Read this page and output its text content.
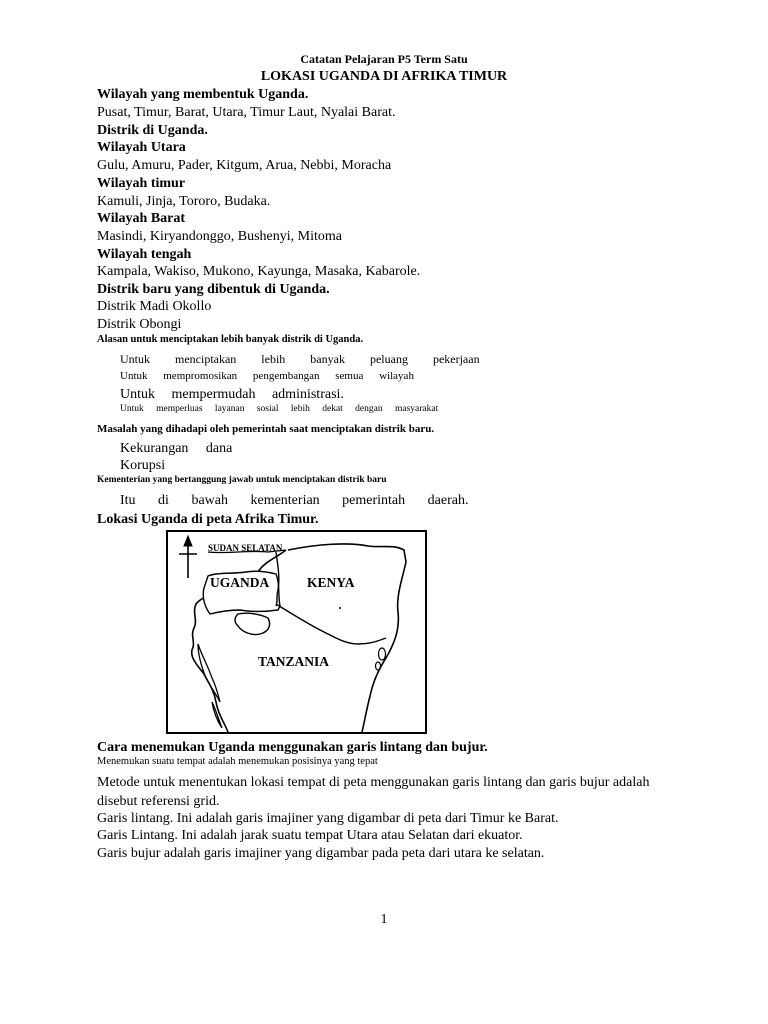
Catatan Pelajaran P5 Term Satu
LOKASI UGANDA DI AFRIKA TIMUR
Wilayah yang membentuk Uganda.
Pusat, Timur, Barat, Utara, Timur Laut, Nyalai Barat.
Distrik di Uganda.
Wilayah Utara
Gulu, Amuru, Pader, Kitgum, Arua, Nebbi, Moracha
Wilayah timur
Kamuli, Jinja, Tororo, Budaka.
Wilayah Barat
Masindi, Kiryandonggo, Bushenyi, Mitoma
Wilayah tengah
Kampala, Wakiso, Mukono, Kayunga, Masaka, Kabarole.
Distrik baru yang dibentuk di Uganda.
Distrik Madi Okollo
Distrik Obongi
Alasan untuk menciptakan lebih banyak distrik di Uganda.
Untuk menciptakan lebih banyak peluang pekerjaan
Untuk mempromosikan pengembangan semua wilayah
Untuk mempermudah administrasi.
Untuk memperluas layanan sosial lebih dekat dengan masyarakat
Masalah yang dihadapi oleh pemerintah saat menciptakan distrik baru.
Kekurangan dana
Korupsi
Kementerian yang bertanggung jawab untuk menciptakan distrik baru
Itu di bawah kementerian pemerintah daerah.
Lokasi Uganda di peta Afrika Timur.
SUDAN SELATAN
UGANDA	KENYA
TANZANIA
Cara menemukan Uganda menggunakan garis lintang dan bujur.
Menemukan suatu tempat adalah menemukan posisinya yang tepat
Metode untuk menentukan lokasi tempat di peta menggunakan garis lintang dan garis bujur adalah
disebut referensi grid.
Garis lintang. Ini adalah garis imajiner yang digambar di peta dari Timur ke Barat.
Garis Lintang. Ini adalah jarak suatu tempat Utara atau Selatan dari ekuator.
Garis bujur adalah garis imajiner yang digambar pada peta dari utara ke selatan.
1
